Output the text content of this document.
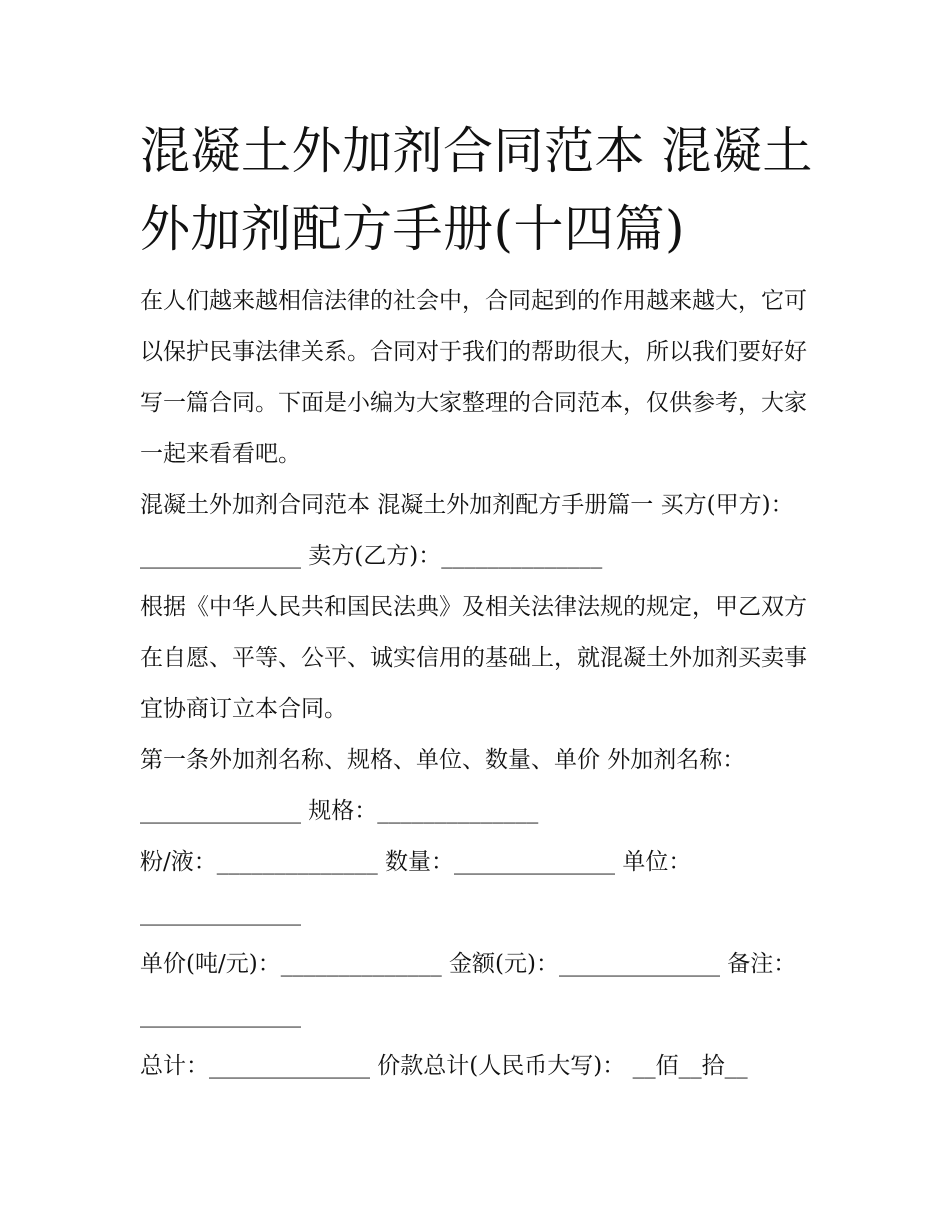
混凝土外加剂合同范本 混凝土外加剂配方手册(十四篇)

在人们越来越相信法律的社会中，合同起到的作用越来越大，它可以保护民事法律关系。合同对于我们的帮助很大，所以我们要好好写一篇合同。下面是小编为大家整理的合同范本，仅供参考，大家一起来看看吧。

混凝土外加剂合同范本 混凝土外加剂配方手册篇一 买方(甲方)：______________ 卖方(乙方)：______________

根据《中华人民共和国民法典》及相关法律法规的规定，甲乙双方在自愿、平等、公平、诚实信用的基础上，就混凝土外加剂买卖事宜协商订立本合同。

第一条外加剂名称、规格、单位、数量、单价 外加剂名称：______________ 规格：______________

粉/液：______________ 数量：______________ 单位：______________

单价(吨/元)：______________ 金额(元)：______________ 备注：______________

总计：______________ 价款总计(人民币大写)： __佰__拾__
